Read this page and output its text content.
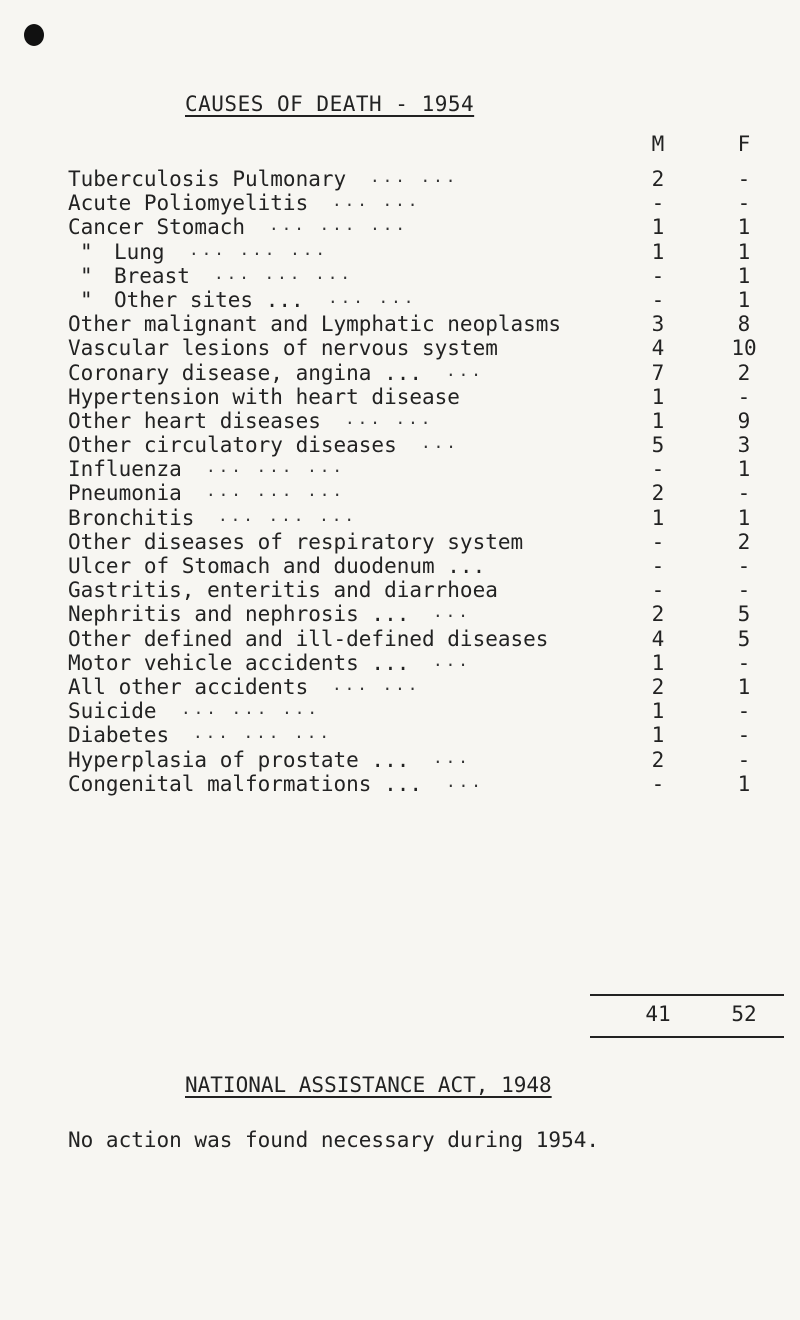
CAUSES OF DEATH - 1954
M	F
Tuberculosis Pulmonary ... ...	2	-
Acute Poliomyelitis ... ...	-	-
Cancer Stomach ... ... ...	1	1
" Lung ... ... ...	1	1
" Breast ... ... ...	-	1
" Other sites ... ... ...	-	1
Other malignant and Lymphatic neoplasms	3	8
Vascular lesions of nervous system	4	10
Coronary disease, angina ... ...	7	2
Hypertension with heart disease	1	-
Other heart diseases ... ...	1	9
Other circulatory diseases ...	5	3
Influenza ... ... ...	-	1
Pneumonia ... ... ...	2	-
Bronchitis ... ... ...	1	1
Other diseases of respiratory system	-	2
Ulcer of Stomach and duodenum ...	-	-
Gastritis, enteritis and diarrhoea	-	-
Nephritis and nephrosis ... ...	2	5
Other defined and ill-defined diseases	4	5
Motor vehicle accidents ... ...	1	-
All other accidents ... ...	2	1
Suicide ... ... ...	1	-
Diabetes ... ... ...	1	-
Hyperplasia of prostate ... ...	2	-
Congenital malformations ... ...	-	1
41	52
NATIONAL ASSISTANCE ACT, 1948
No action was found necessary during 1954.
